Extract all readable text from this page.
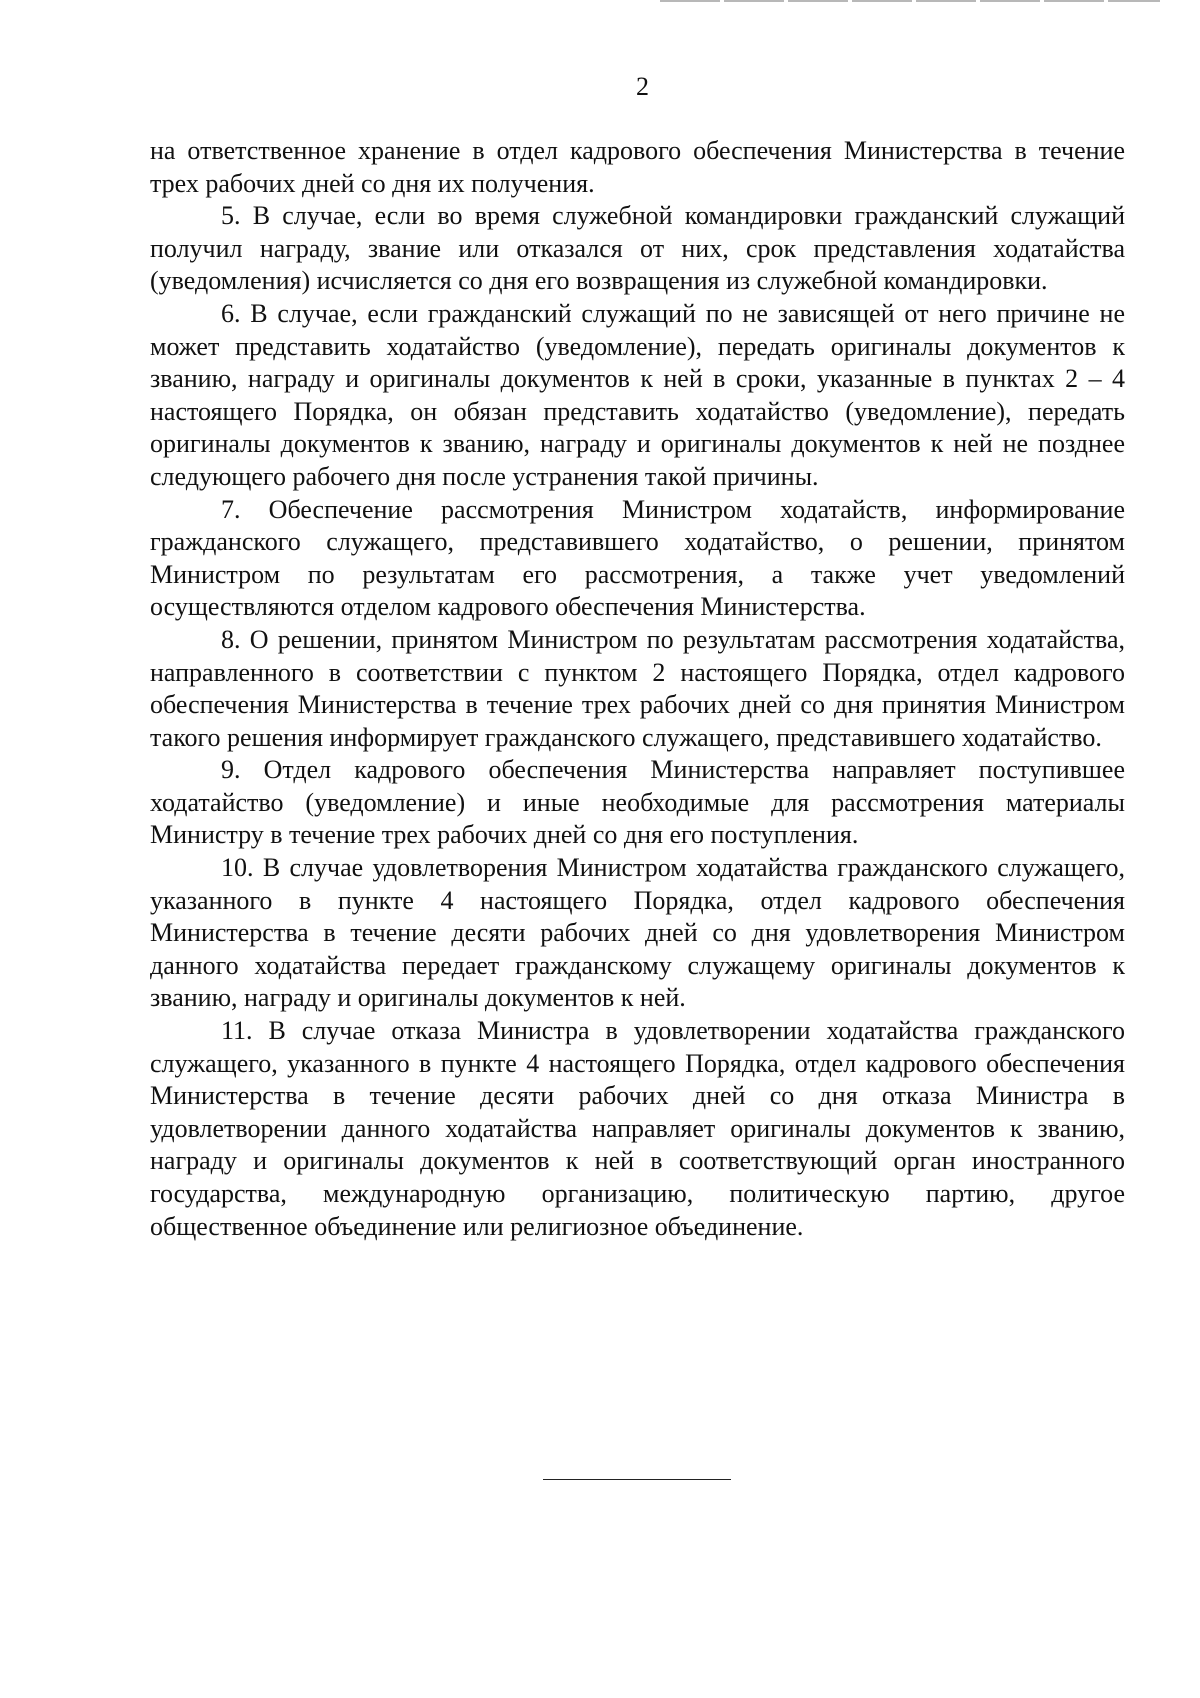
2

на ответственное хранение в отдел кадрового обеспечения Министерства в течение трех рабочих дней со дня их получения.

5. В случае, если во время служебной командировки гражданский служащий получил награду, звание или отказался от них, срок представления ходатайства (уведомления) исчисляется со дня его возвращения из служебной командировки.

6. В случае, если гражданский служащий по не зависящей от него причине не может представить ходатайство (уведомление), передать оригиналы документов к званию, награду и оригиналы документов к ней в сроки, указанные в пунктах 2 – 4 настоящего Порядка, он обязан представить ходатайство (уведомление), передать оригиналы документов к званию, награду и оригиналы документов к ней не позднее следующего рабочего дня после устранения такой причины.

7. Обеспечение рассмотрения Министром ходатайств, информирование гражданского служащего, представившего ходатайство, о решении, принятом Министром по результатам его рассмотрения, а также учет уведомлений осуществляются отделом кадрового обеспечения Министерства.

8. О решении, принятом Министром по результатам рассмотрения ходатайства, направленного в соответствии с пунктом 2 настоящего Порядка, отдел кадрового обеспечения Министерства в течение трех рабочих дней со дня принятия Министром такого решения информирует гражданского служащего, представившего ходатайство.

9. Отдел кадрового обеспечения Министерства направляет поступившее ходатайство (уведомление) и иные необходимые для рассмотрения материалы Министру в течение трех рабочих дней со дня его поступления.

10. В случае удовлетворения Министром ходатайства гражданского служащего, указанного в пункте 4 настоящего Порядка, отдел кадрового обеспечения Министерства в течение десяти рабочих дней со дня удовлетворения Министром данного ходатайства передает гражданскому служащему оригиналы документов к званию, награду и оригиналы документов к ней.

11. В случае отказа Министра в удовлетворении ходатайства гражданского служащего, указанного в пункте 4 настоящего Порядка, отдел кадрового обеспечения Министерства в течение десяти рабочих дней со дня отказа Министра в удовлетворении данного ходатайства направляет оригиналы документов к званию, награду и оригиналы документов к ней в соответствующий орган иностранного государства, международную организацию, политическую партию, другое общественное объединение или религиозное объединение.
